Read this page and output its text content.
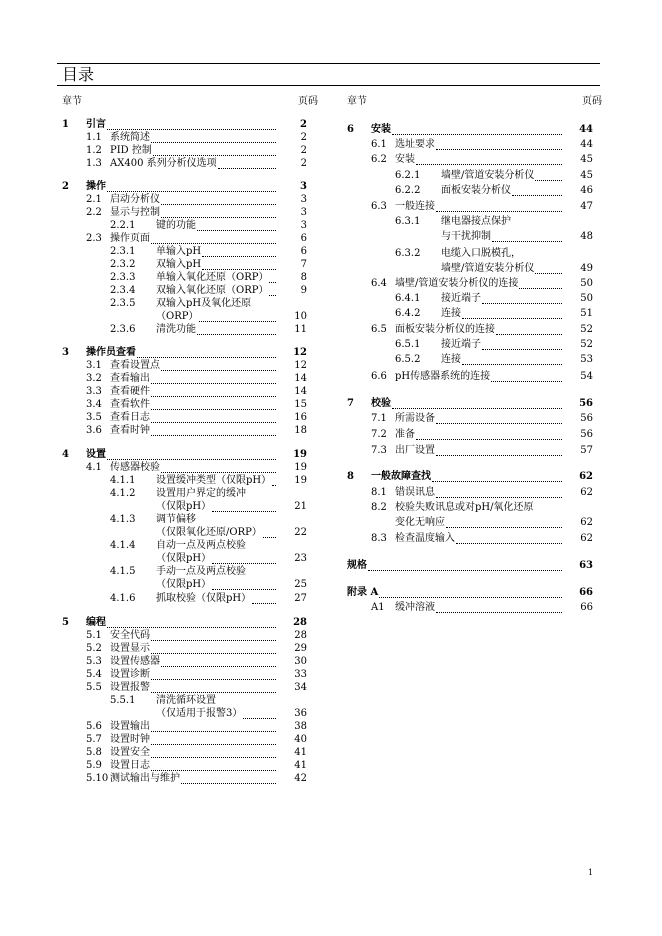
目录
章节	页码	章节	页码
1 引言	2
1.1 系统简述	2
1.2 PID 控制	2
1.3 AX400 系列分析仪选项	2
2 操作	3
2.1 启动分析仪	3
2.2 显示与控制	3
2.2.1 键的功能	3
2.3 操作页面	6
2.3.1 单输入pH	6
2.3.2 双输入pH	7
2.3.3 单输入氧化还原（ORP）	8
2.3.4 双输入氧化还原（ORP）	9
2.3.5 双输入pH及氧化还原
（ORP）	10
2.3.6 清洗功能	11
3 操作员查看	12
3.1 查看设置点	12
3.2 查看输出	14
3.3 查看硬件	14
3.4 查看软件	15
3.5 查看日志	16
3.6 查看时钟	18
4 设置	19
4.1 传感器校验	19
4.1.1 设置缓冲类型（仅限pH）	19
4.1.2 设置用户界定的缓冲
（仅限pH）	21
4.1.3 调节偏移
（仅限氧化还原/ORP）	22
4.1.4 自动一点及两点校验
（仅限pH）	23
4.1.5 手动一点及两点校验
（仅限pH）	25
4.1.6 抓取校验（仅限pH）	27
5 编程	28
5.1 安全代码	28
5.2 设置显示	29
5.3 设置传感器	30
5.4 设置诊断	33
5.5 设置报警	34
5.5.1 清洗循环设置
（仅适用于报警3）	36
5.6 设置输出	38
5.7 设置时钟	40
5.8 设置安全	41
5.9 设置日志	41
5.10 测试输出与维护	42
6 安装	44
6.1 选址要求	44
6.2 安装	45
6.2.1 墙壁/管道安装分析仪	45
6.2.2 面板安装分析仪	46
6.3 一般连接	47
6.3.1 继电器接点保护
与干扰抑制	48
6.3.2 电缆入口脱模孔，
墙壁/管道安装分析仪	49
6.4 墙壁/管道安装分析仪的连接	50
6.4.1 接近端子	50
6.4.2 连接	51
6.5 面板安装分析仪的连接	52
6.5.1 接近端子	52
6.5.2 连接	53
6.6 pH传感器系统的连接	54
7 校验	56
7.1 所需设备	56
7.2 准备	56
7.3 出厂设置	57
8 一般故障查找	62
8.1 错误讯息	62
8.2 校验失败讯息或对pH/氧化还原
变化无响应	62
8.3 检查温度输入	62
规格	63
附录 A	66
A1 缓冲溶液	66
1
